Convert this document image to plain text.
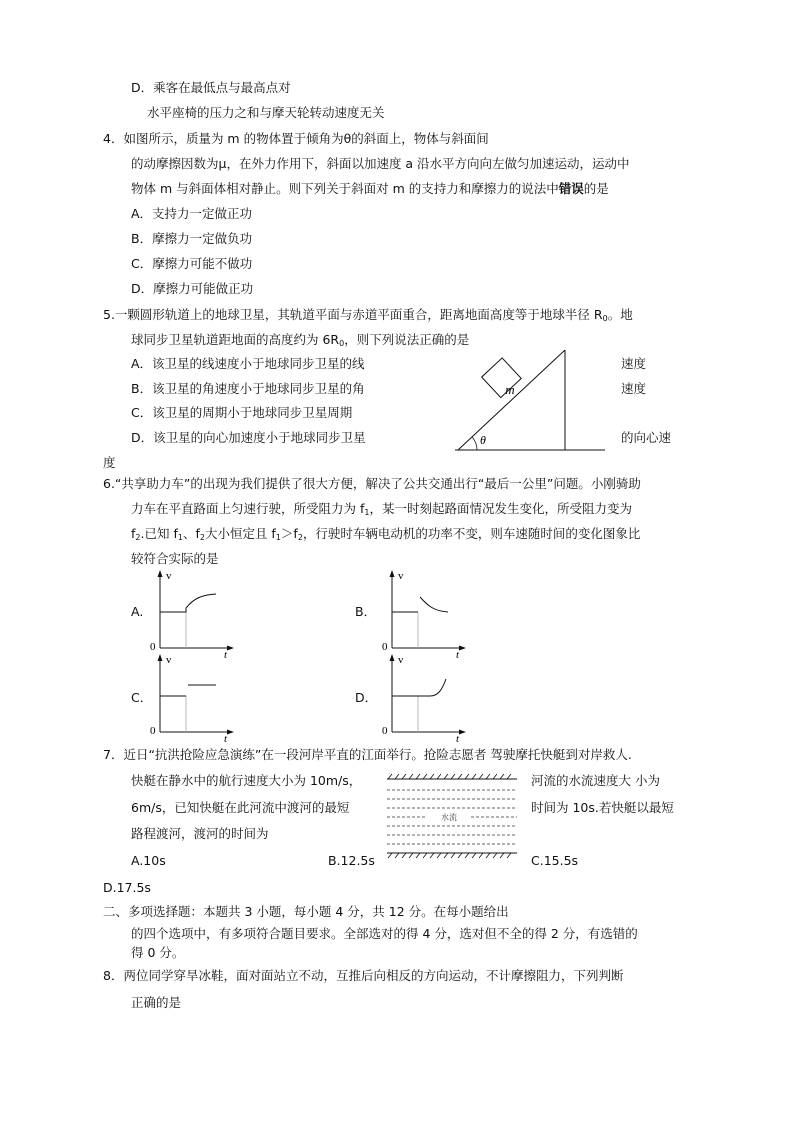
D．乘客在最低点与最高点对
水平座椅的压力之和与摩天轮转动速度无关
4．如图所示，质量为 m 的物体置于倾角为θ的斜面上，物体与斜面间
的动摩擦因数为μ，在外力作用下，斜面以加速度 a 沿水平方向向左做匀加速运动，运动中
物体 m 与斜面体相对静止。则下列关于斜面对 m 的支持力和摩擦力的说法中错误的是
A．支持力一定做正功
B．摩擦力一定做负功
C．摩擦力可能不做功
D．摩擦力可能做正功
5.一颗圆形轨道上的地球卫星，其轨道平面与赤道平面重合，距离地面高度等于地球半径 $R_0$。地
球同步卫星轨道距地面的高度约为 $6R_0$，则下列说法正确的是
A．该卫星的线速度小于地球同步卫星的线	速度
B．该卫星的角速度小于地球同步卫星的角	速度
C．该卫星的周期小于地球同步卫星周期
D．该卫星的向心加速度小于地球同步卫星	的向心速
度
m
θ
6.“共享助力车”的出现为我们提供了很大方便，解决了公共交通出行“最后一公里”问题。小刚骑助
力车在平直路面上匀速行驶，所受阻力为 $f_1$，某一时刻起路面情况发生变化，所受阻力变为
$f_2$.已知 $f_1$、$f_2$大小恒定且 $f_1>f_2$，行驶时车辆电动机的功率不变，则车速随时间的变化图象比
较符合实际的是
A.
v
0
t
B．
v
0
t
C．
v
0
t
D．
v
0
t
7．近日“抗洪抢险应急演练”在一段河岸平直的江面举行。抢险志愿者 驾驶摩托快艇到对岸救人.
快艇在静水中的航行速度大小为 10m/s，	河流的水流速度大 小为
6m/s，已知快艇在此河流中渡河的最短	时间为 10s.若快艇以最短
路程渡河，渡河的时间为
水流
A.10s	B.12.5s	C.15.5s
D.17.5s
二、多项选择题：本题共 3 小题，每小题 4 分，共 12 分。在每小题给出
的四个选项中，有多项符合题目要求。全部选对的得 4 分，选对但不全的得 2 分，有选错的
得 0 分。
8．两位同学穿旱冰鞋，面对面站立不动，互推后向相反的方向运动，不计摩擦阻力，下列判断
正确的是
